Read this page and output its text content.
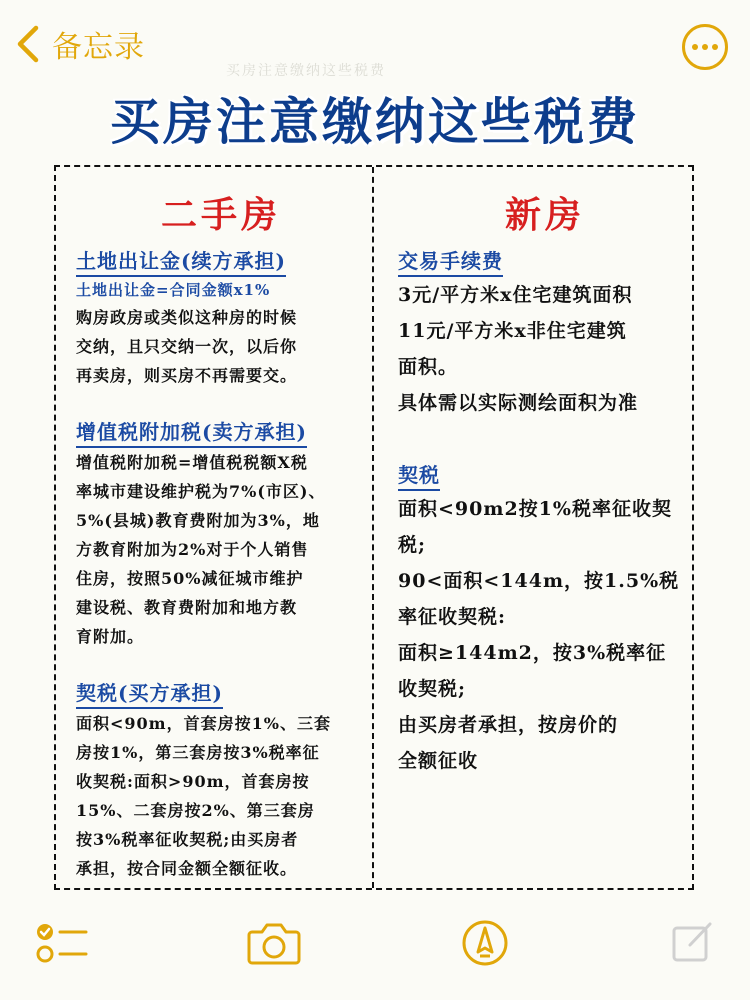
备忘录
买房注意缴纳这些税费
买房注意缴纳这些税费
二手房
土地出让金(续方承担)
土地出让金=合同金额x1%
购房政房或类似这种房的时候
交纳，且只交纳一次，以后你
再卖房，则买房不再需要交。
增值税附加税(卖方承担)
增值税附加税=增值税税额X税
率城市建设维护税为7%(市区)、
5%(县城)教育费附加为3%，地
方教育附加为2%对于个人销售
住房，按照50%减征城市维护
建设税、教育费附加和地方教
育附加。
契税(买方承担)
面积<90m，首套房按1%、三套
房按1%，第三套房按3%税率征
收契税:面积>90m，首套房按
15%、二套房按2%、第三套房
按3%税率征收契税;由买房者
承担，按合同金额全额征收。
新房
交易手续费
3元/平方米x住宅建筑面积
11元/平方米x非住宅建筑
面积。
具体需以实际测绘面积为准
契税
面积<90m2按1%税率征收契
税;
90<面积<144m，按1.5%税
率征收契税:
面积≥144m2，按3%税率征
收契税;
由买房者承担，按房价的
全额征收
